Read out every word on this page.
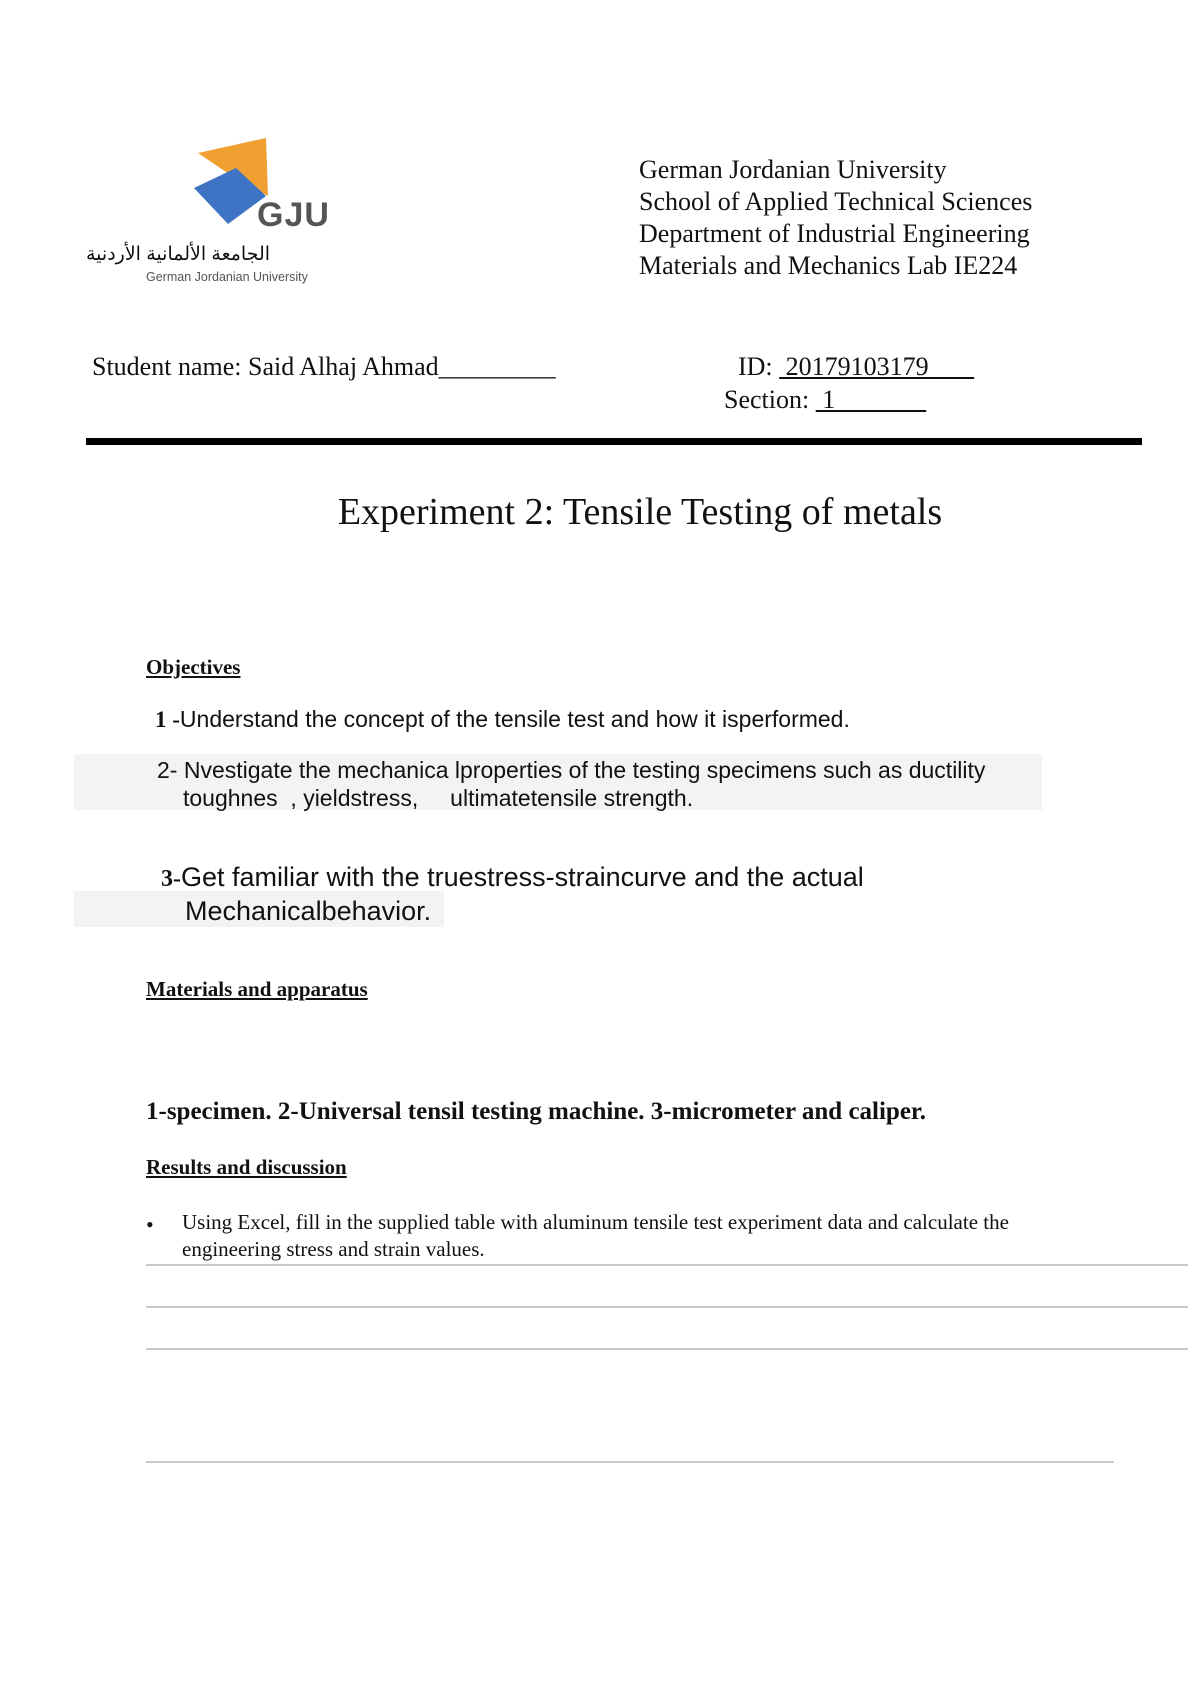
GJU
الجامعة الألمانية الأردنية
German Jordanian University
German Jordanian University
School of Applied Technical Sciences
Department of Industrial Engineering
Materials and Mechanics Lab IE224
Student name: Said Alhaj Ahmad_________	ID:  20179103179
Section:  1
Experiment 2: Tensile Testing of metals
Objectives
1 -Understand the concept of the tensile test and how it isperformed.
2- Nvestigate the mechanica lproperties of the testing specimens such as ductility
toughnes  , yieldstress,     ultimatetensile strength.
3-Get familiar with the truestress-straincurve and the actual
Mechanicalbehavior.
Materials and apparatus
1-specimen. 2-Universal tensil testing machine. 3-micrometer and caliper.
Results and discussion
• Using Excel, fill in the supplied table with aluminum tensile test experiment data and calculate the engineering stress and strain values.
